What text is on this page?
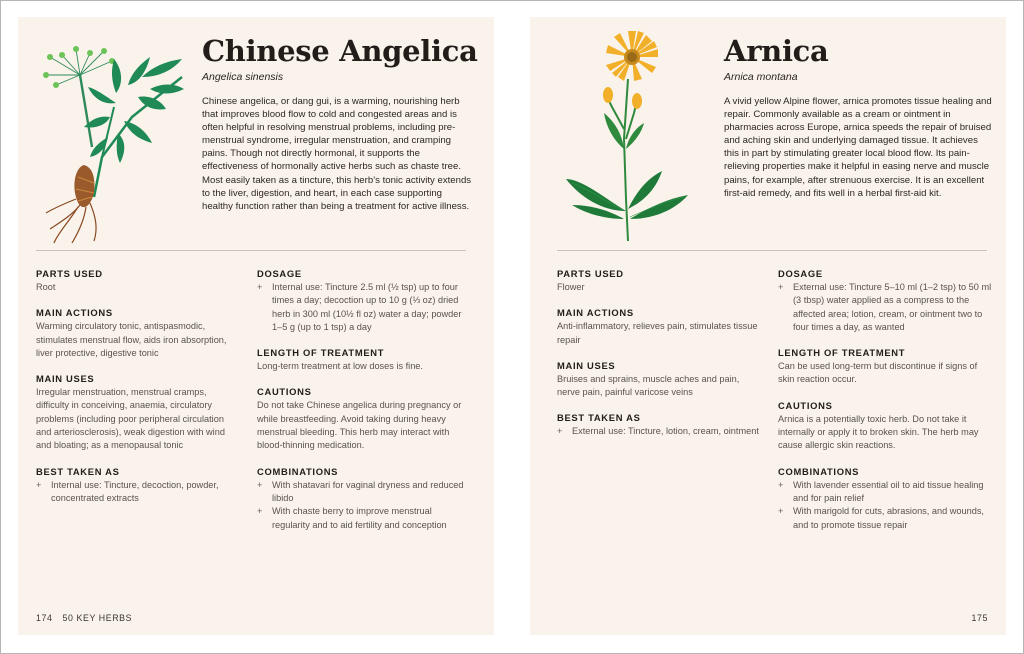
Chinese Angelica
Angelica sinensis

Chinese angelica, or dang gui, is a warming, nourishing herb that improves blood flow to cold and congested areas and is often helpful in resolving menstrual problems, including pre-menstrual syndrome, irregular menstruation, and cramping pains. Though not directly hormonal, it supports the effectiveness of hormonally active herbs such as chaste tree. Most easily taken as a tincture, this herb’s tonic activity extends to the liver, digestion, and heart, in each case supporting healthy function rather than being a treatment for active illness.

PARTS USED

Root

MAIN ACTIONS

Warming circulatory tonic, antispasmodic, stimulates menstrual flow, aids iron absorption, liver protective, digestive tonic

MAIN USES

Irregular menstruation, menstrual cramps, difficulty in conceiving, anaemia, circulatory problems (including poor peripheral circulation and arteriosclerosis), weak digestion with wind and bloating; as a menopausal tonic

BEST TAKEN AS
+ Internal use: Tincture, decoction, powder, concentrated extracts
DOSAGE
+ Internal use: Tincture 2.5 ml (½ tsp) up to four times a day; decoction up to 10 g (⅓ oz) dried herb in 300 ml (10½ fl oz) water a day; powder 1–5 g (up to 1 tsp) a day
LENGTH OF TREATMENT

Long-term treatment at low doses is fine.

CAUTIONS

Do not take Chinese angelica during pregnancy or while breastfeeding. Avoid taking during heavy menstrual bleeding. This herb may interact with blood-thinning medication.

COMBINATIONS
+ With shatavari for vaginal dryness and reduced libido
+ With chaste berry to improve menstrual regularity and to aid fertility and conception
174 50 KEY HERBS
Arnica
Arnica montana

A vivid yellow Alpine flower, arnica promotes tissue healing and repair. Commonly available as a cream or ointment in pharmacies across Europe, arnica speeds the repair of bruised and aching skin and underlying damaged tissue. It achieves this in part by stimulating greater local blood flow. Its pain-relieving properties make it helpful in easing nerve and muscle pains, for example, after strenuous exercise. It is an excellent first-aid remedy, and fits well in a herbal first-aid kit.

PARTS USED

Flower

MAIN ACTIONS

Anti-inflammatory, relieves pain, stimulates tissue repair

MAIN USES

Bruises and sprains, muscle aches and pain, nerve pain, painful varicose veins

BEST TAKEN AS
+ External use: Tincture, lotion, cream, ointment
DOSAGE
+ External use: Tincture 5–10 ml (1–2 tsp) to 50 ml (3 tbsp) water applied as a compress to the affected area; lotion, cream, or ointment two to four times a day, as wanted
LENGTH OF TREATMENT

Can be used long-term but discontinue if signs of skin reaction occur.

CAUTIONS

Arnica is a potentially toxic herb. Do not take it internally or apply it to broken skin. The herb may cause allergic skin reactions.

COMBINATIONS
+ With lavender essential oil to aid tissue healing and for pain relief
+ With marigold for cuts, abrasions, and wounds, and to promote tissue repair
175
